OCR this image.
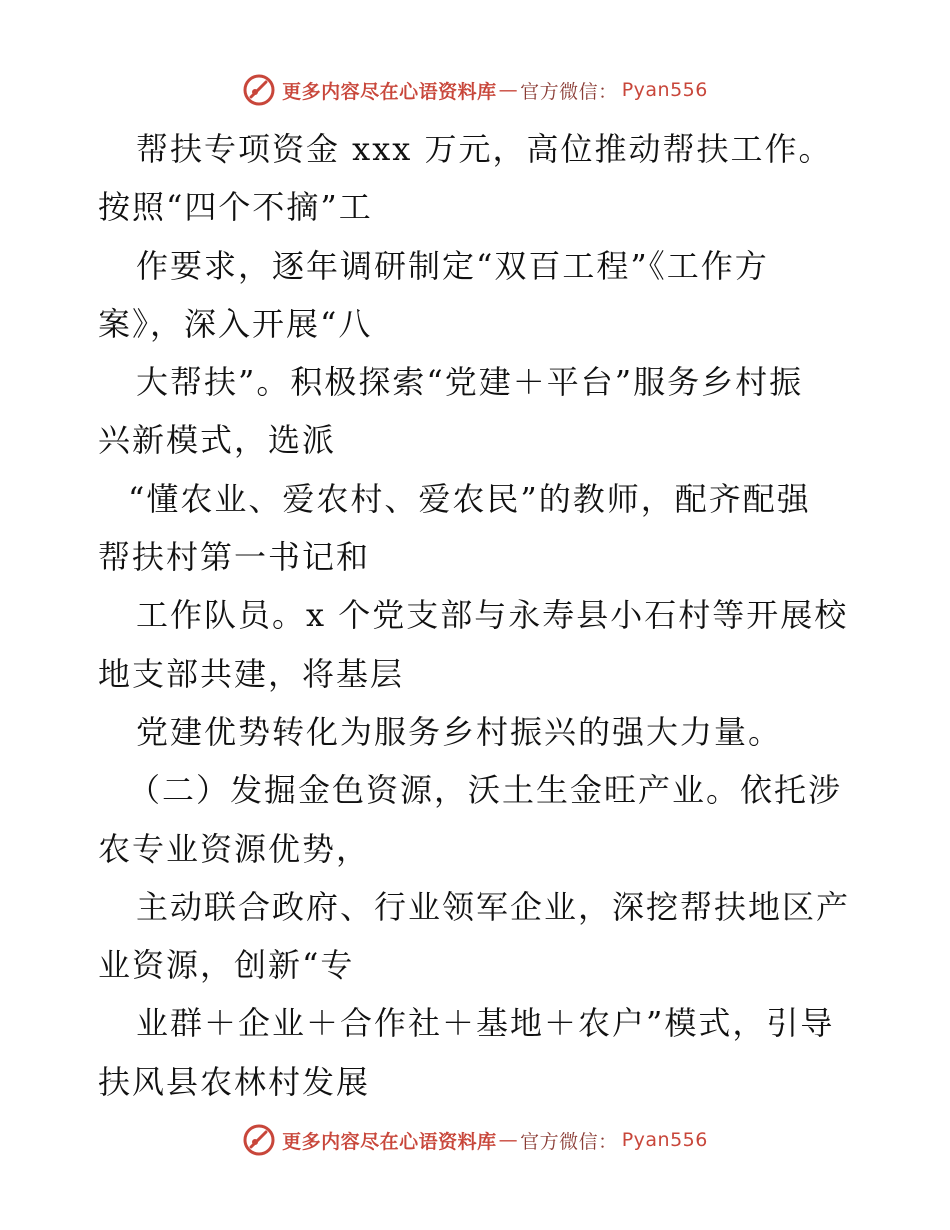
更多内容尽在心语资料库 — 官方微信： Pyan556
帮扶专项资金 xxx 万元，高位推动帮扶工作。
按照“四个不摘”工
作要求，逐年调研制定“双百工程”《工作方
案》，深入开展“八
大帮扶”。积极探索“党建＋平台”服务乡村振
兴新模式，选派
“懂农业、爱农村、爱农民”的教师，配齐配强
帮扶村第一书记和
工作队员。x 个党支部与永寿县小石村等开展校
地支部共建，将基层
党建优势转化为服务乡村振兴的强大力量。
（二）发掘金色资源，沃土生金旺产业。依托涉
农专业资源优势，
主动联合政府、行业领军企业，深挖帮扶地区产
业资源，创新“专
业群＋企业＋合作社＋基地＋农户”模式，引导
扶风县农林村发展
更多内容尽在心语资料库 — 官方微信： Pyan556
